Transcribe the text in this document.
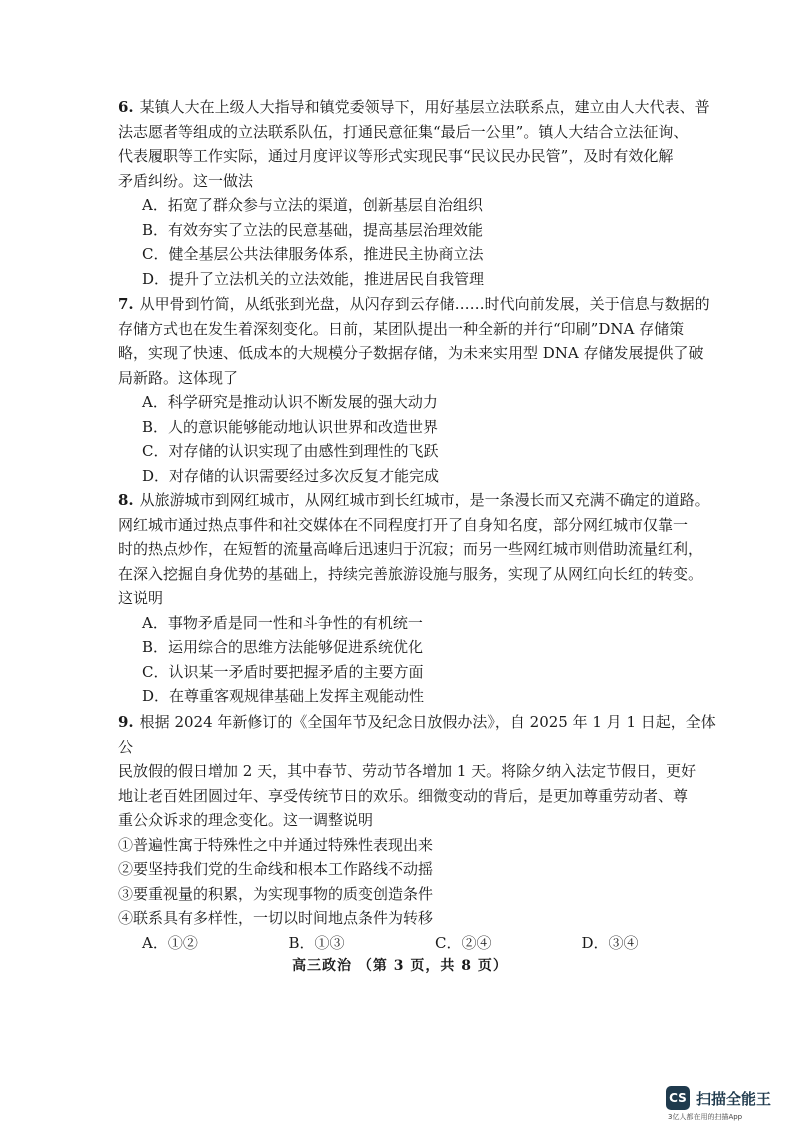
6. 某镇人大在上级人大指导和镇党委领导下，用好基层立法联系点，建立由人大代表、普

法志愿者等组成的立法联系队伍，打通民意征集“最后一公里”。镇人大结合立法征询、

代表履职等工作实际，通过月度评议等形式实现民事“民议民办民管”，及时有效化解

矛盾纠纷。这一做法

A．拓宽了群众参与立法的渠道，创新基层自治组织

B．有效夯实了立法的民意基础，提高基层治理效能

C．健全基层公共法律服务体系，推进民主协商立法

D．提升了立法机关的立法效能，推进居民自我管理

7. 从甲骨到竹简，从纸张到光盘，从闪存到云存储……时代向前发展，关于信息与数据的

存储方式也在发生着深刻变化。日前，某团队提出一种全新的并行“印刷”DNA 存储策

略，实现了快速、低成本的大规模分子数据存储，为未来实用型 DNA 存储发展提供了破

局新路。这体现了

A．科学研究是推动认识不断发展的强大动力

B．人的意识能够能动地认识世界和改造世界

C．对存储的认识实现了由感性到理性的飞跃

D．对存储的认识需要经过多次反复才能完成

8. 从旅游城市到网红城市，从网红城市到长红城市，是一条漫长而又充满不确定的道路。

网红城市通过热点事件和社交媒体在不同程度打开了自身知名度，部分网红城市仅靠一

时的热点炒作，在短暂的流量高峰后迅速归于沉寂；而另一些网红城市则借助流量红利，

在深入挖掘自身优势的基础上，持续完善旅游设施与服务，实现了从网红向长红的转变。

这说明

A．事物矛盾是同一性和斗争性的有机统一

B．运用综合的思维方法能够促进系统优化

C．认识某一矛盾时要把握矛盾的主要方面

D．在尊重客观规律基础上发挥主观能动性

9. 根据 2024 年新修订的《全国年节及纪念日放假办法》，自 2025 年 1 月 1 日起，全体公

民放假的假日增加 2 天，其中春节、劳动节各增加 1 天。将除夕纳入法定节假日，更好

地让老百姓团圆过年、享受传统节日的欢乐。细微变动的背后，是更加尊重劳动者、尊

重公众诉求的理念变化。这一调整说明

①普遍性寓于特殊性之中并通过特殊性表现出来

②要坚持我们党的生命线和根本工作路线不动摇

③要重视量的积累，为实现事物的质变创造条件

④联系具有多样性，一切以时间地点条件为转移

A．①②	B．①③	C．②④	D．③④
高三政治 （第 3 页，共 8 页）
CS 扫描全能王
3亿人都在用的扫描App
